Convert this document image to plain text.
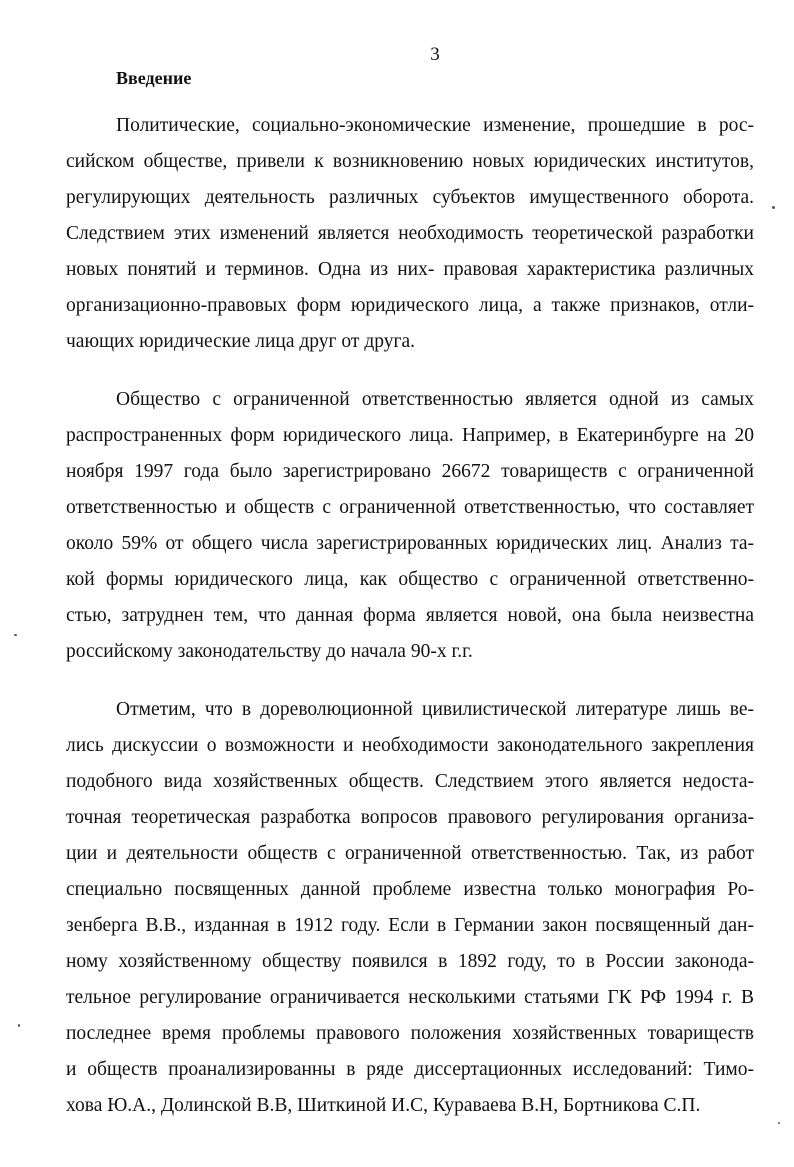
3
Введение

Политические, социально-экономические изменение, прошедшие в рос-
сийском обществе, привели к возникновению новых юридических институтов,
регулирующих деятельность различных субъектов имущественного оборота.
Следствием этих изменений является необходимость теоретической разработки
новых понятий и терминов. Одна из них- правовая характеристика различных
организационно-правовых форм юридического лица, а также признаков, отли-
чающих юридические лица друг от друга.

Общество с ограниченной ответственностью является одной из самых
распространенных форм юридического лица. Например, в Екатеринбурге на 20
ноября 1997 года было зарегистрировано 26672 товариществ с ограниченной
ответственностью и обществ с ограниченной ответственностью, что составляет
около 59% от общего числа зарегистрированных юридических лиц. Анализ та-
кой формы юридического лица, как общество с ограниченной ответственно-
стью, затруднен тем, что данная форма является новой, она была неизвестна
российскому законодательству до начала 90-х г.г.

Отметим, что в дореволюционной цивилистической литературе лишь ве-
лись дискуссии о возможности и необходимости законодательного закрепления
подобного вида хозяйственных обществ. Следствием этого является недоста-
точная теоретическая разработка вопросов правового регулирования организа-
ции и деятельности обществ с ограниченной ответственностью. Так, из работ
специально посвященных данной проблеме известна только монография Ро-
зенберга В.В., изданная в 1912 году. Если в Германии закон посвященный дан-
ному хозяйственному обществу появился в 1892 году, то в России законода-
тельное регулирование ограничивается несколькими статьями ГК РФ 1994 г. В
последнее время проблемы правового положения хозяйственных товариществ
и обществ проанализированны в ряде диссертационных исследований: Тимо-
хова Ю.А., Долинской В.В, Шиткиной И.С, Кураваева В.Н, Бортникова С.П.
